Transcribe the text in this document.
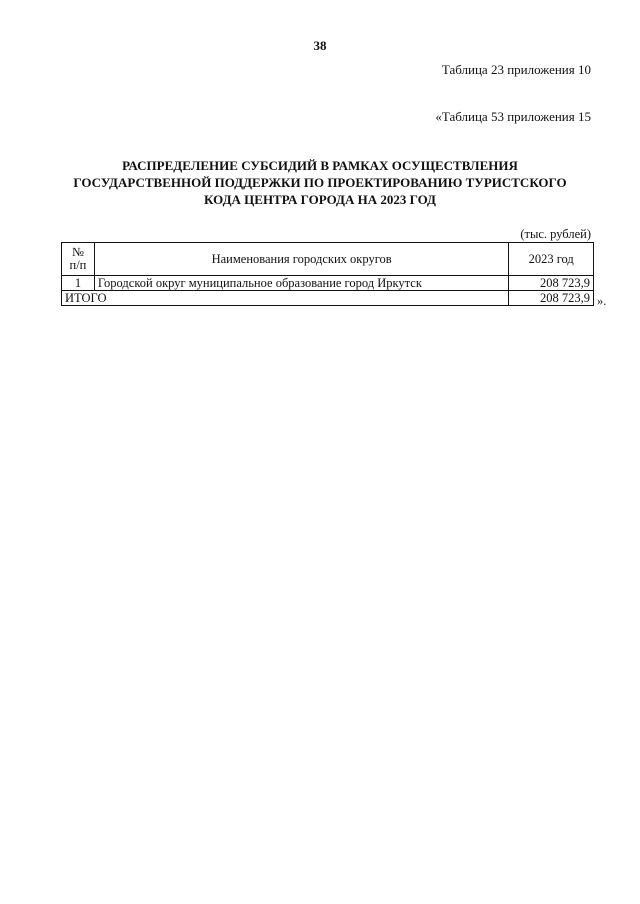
38
Таблица 23 приложения 10
«Таблица 53 приложения 15
РАСПРЕДЕЛЕНИЕ СУБСИДИЙ В РАМКАХ ОСУЩЕСТВЛЕНИЯ
ГОСУДАРСТВЕННОЙ ПОДДЕРЖКИ ПО ПРОЕКТИРОВАНИЮ ТУРИСТСКОГО
КОДА ЦЕНТРА ГОРОДА НА 2023 ГОД
(тыс. рублей)
№
п/п	Наименования городских округов	2023 год
1	Городской округ муниципальное образование город Иркутск	208 723,9
ИТОГО		208 723,9 ».
